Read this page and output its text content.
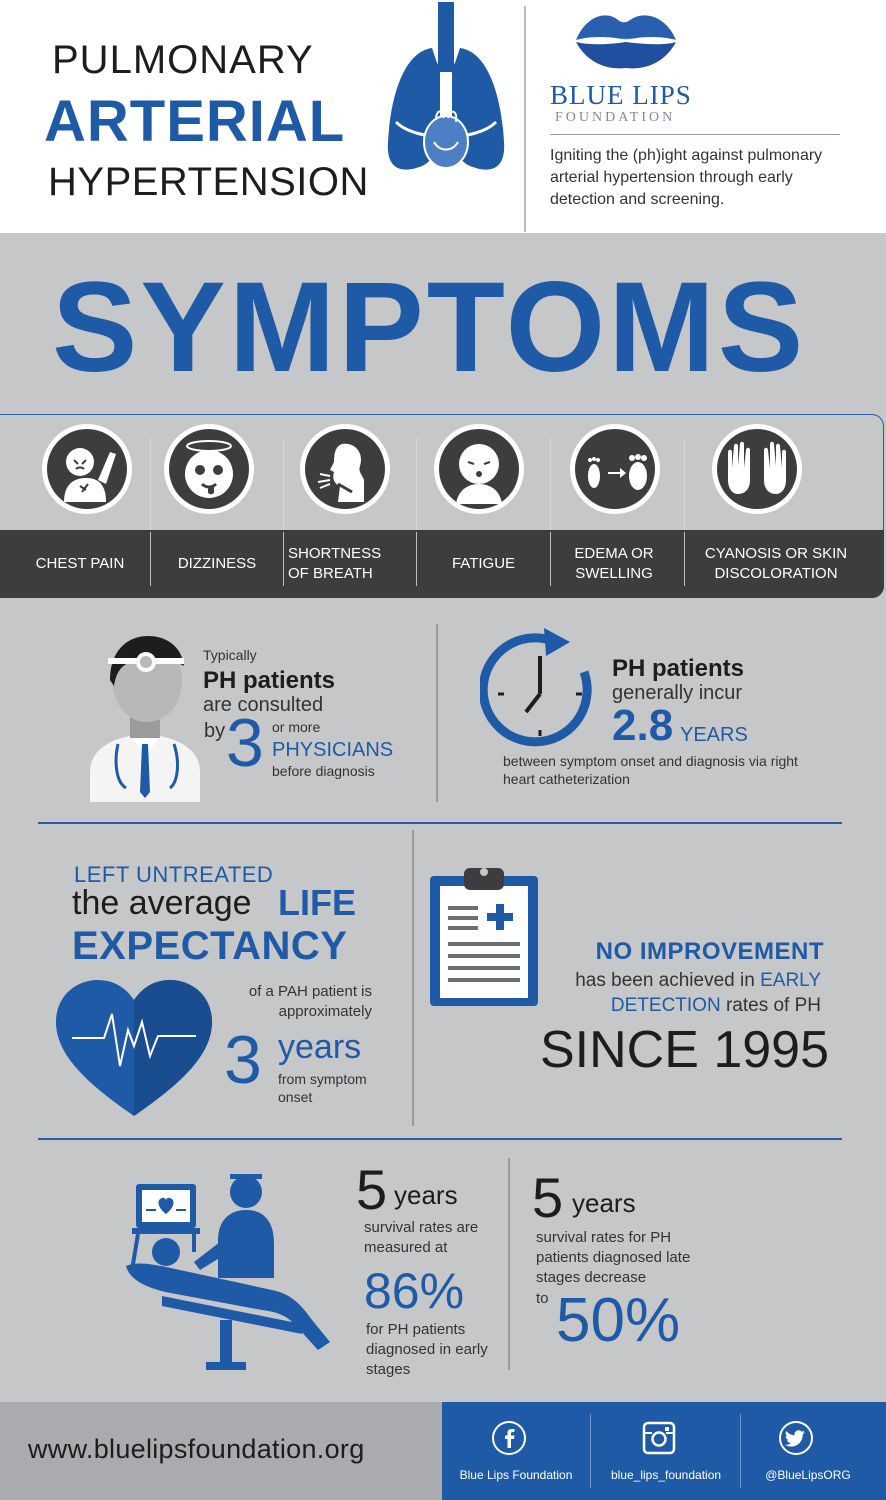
PULMONARY
ARTERIAL
HYPERTENSION
BLUE LIPS
FOUNDATION
Igniting the (ph)ight against pulmonary arterial hypertension through early detection and screening.
SYMPTOMS
CHEST PAIN	DIZZINESS
SHORTNESS OF BREATH
FATIGUE
EDEMA OR SWELLING
CYANOSIS OR SKIN DISCOLORATION
Typically
PH patients
are consulted
by 3 or more
PHYSICIANS
before diagnosis
PH patients
generally incur
2.8 YEARS
between symptom onset and diagnosis via right heart catheterization
LEFT UNTREATED
the average LIFE
EXPECTANCY
of a PAH patient is approximately
3 years
from symptom onset
NO IMPROVEMENT
has been achieved in EARLY
DETECTION rates of PH
SINCE 1995
5 years
survival rates are measured at
86%
for PH patients diagnosed in early stages
5 years
survival rates for PH patients diagnosed late stages decrease
to 50%
www.bluelipsfoundation.org
Blue Lips Foundation	blue_lips_foundation	@BlueLipsORG
